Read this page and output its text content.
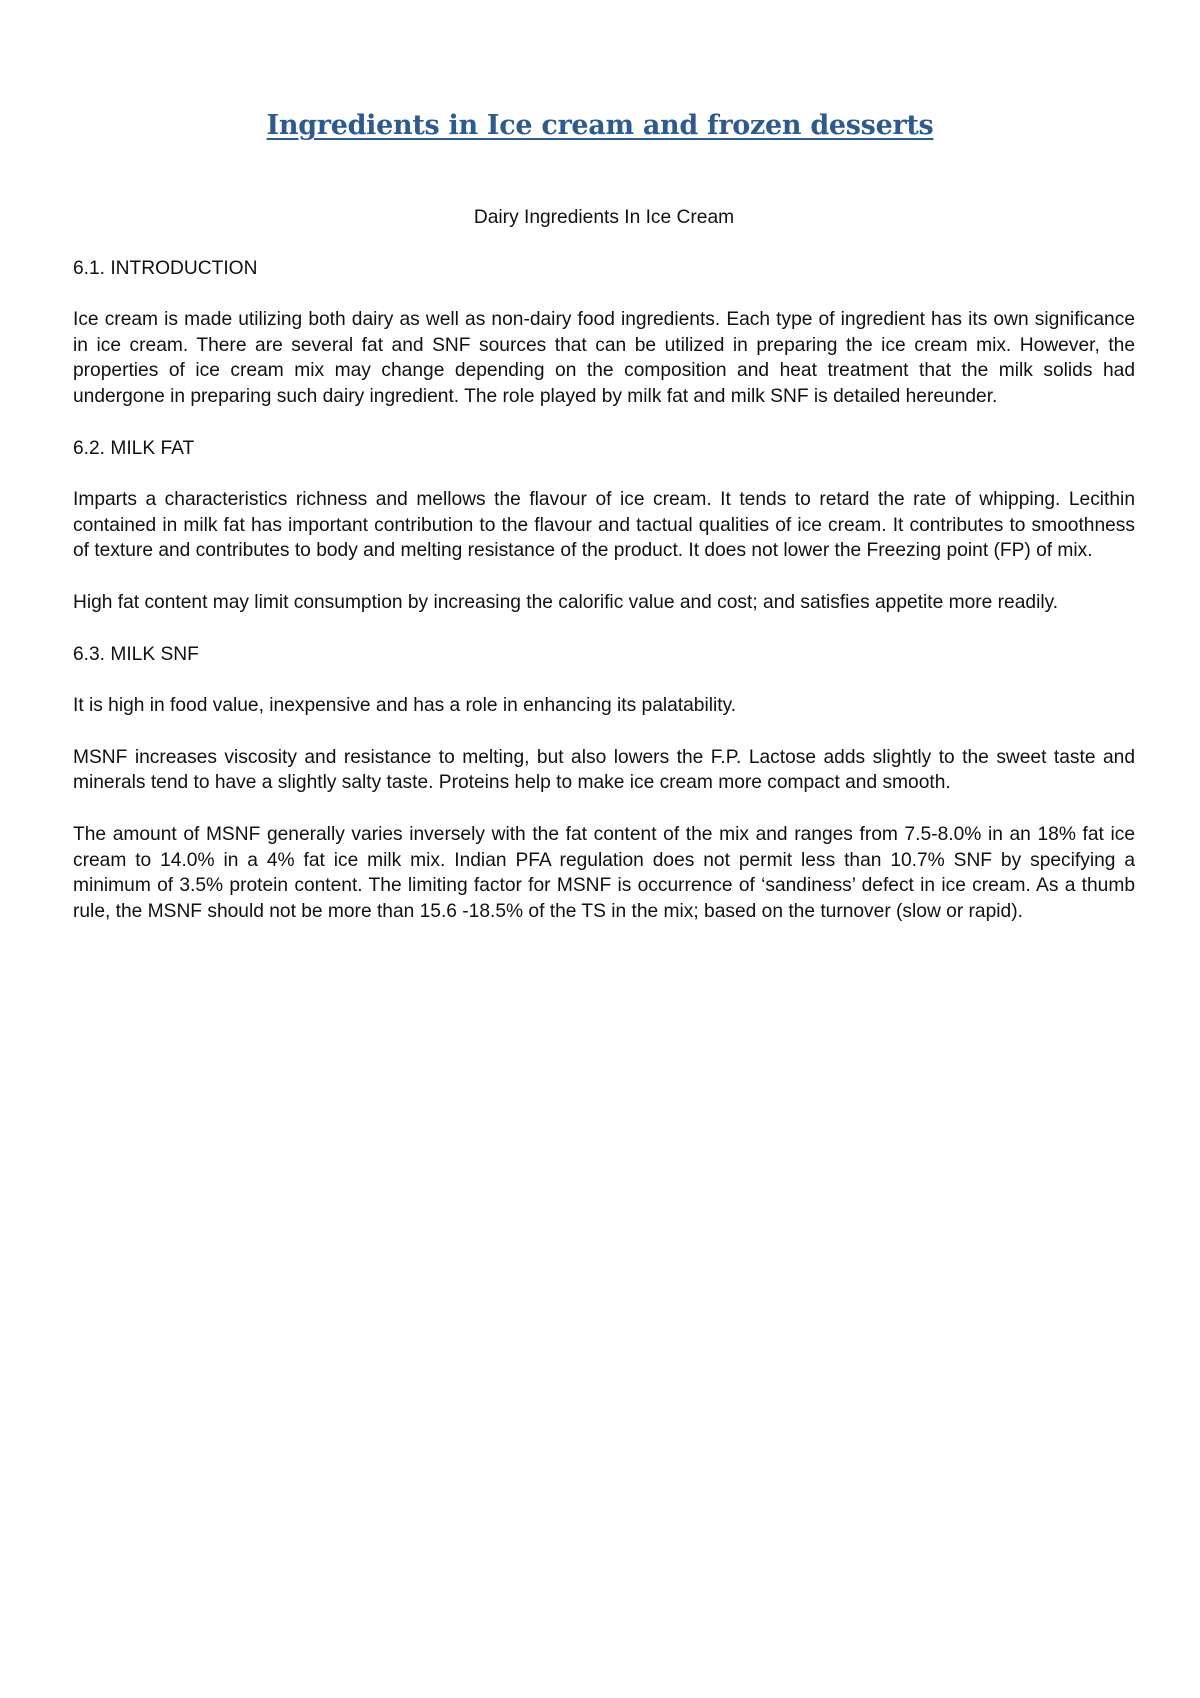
Ingredients in Ice cream and frozen desserts

Dairy Ingredients In Ice Cream

6.1. INTRODUCTION

Ice cream is made utilizing both dairy as well as non-dairy food ingredients. Each type of ingredient has its own significance in ice cream. There are several fat and SNF sources that can be utilized in preparing the ice cream mix. However, the properties of ice cream mix may change depending on the composition and heat treatment that the milk solids had undergone in preparing such dairy ingredient. The role played by milk fat and milk SNF is detailed hereunder.

6.2. MILK FAT

Imparts a characteristics richness and mellows the flavour of ice cream. It tends to retard the rate of whipping. Lecithin contained in milk fat has important contribution to the flavour and tactual qualities of ice cream. It contributes to smoothness of texture and contributes to body and melting resistance of the product. It does not lower the Freezing point (FP) of mix.

High fat content may limit consumption by increasing the calorific value and cost; and satisfies appetite more readily.

6.3. MILK SNF

It is high in food value, inexpensive and has a role in enhancing its palatability.

MSNF increases viscosity and resistance to melting, but also lowers the F.P. Lactose adds slightly to the sweet taste and minerals tend to have a slightly salty taste. Proteins help to make ice cream more compact and smooth.

The amount of MSNF generally varies inversely with the fat content of the mix and ranges from 7.5-8.0% in an 18% fat ice cream to 14.0% in a 4% fat ice milk mix. Indian PFA regulation does not permit less than 10.7% SNF by specifying a minimum of 3.5% protein content. The limiting factor for MSNF is occurrence of ‘sandiness’ defect in ice cream. As a thumb rule, the MSNF should not be more than 15.6 -18.5% of the TS in the mix; based on the turnover (slow or rapid).
